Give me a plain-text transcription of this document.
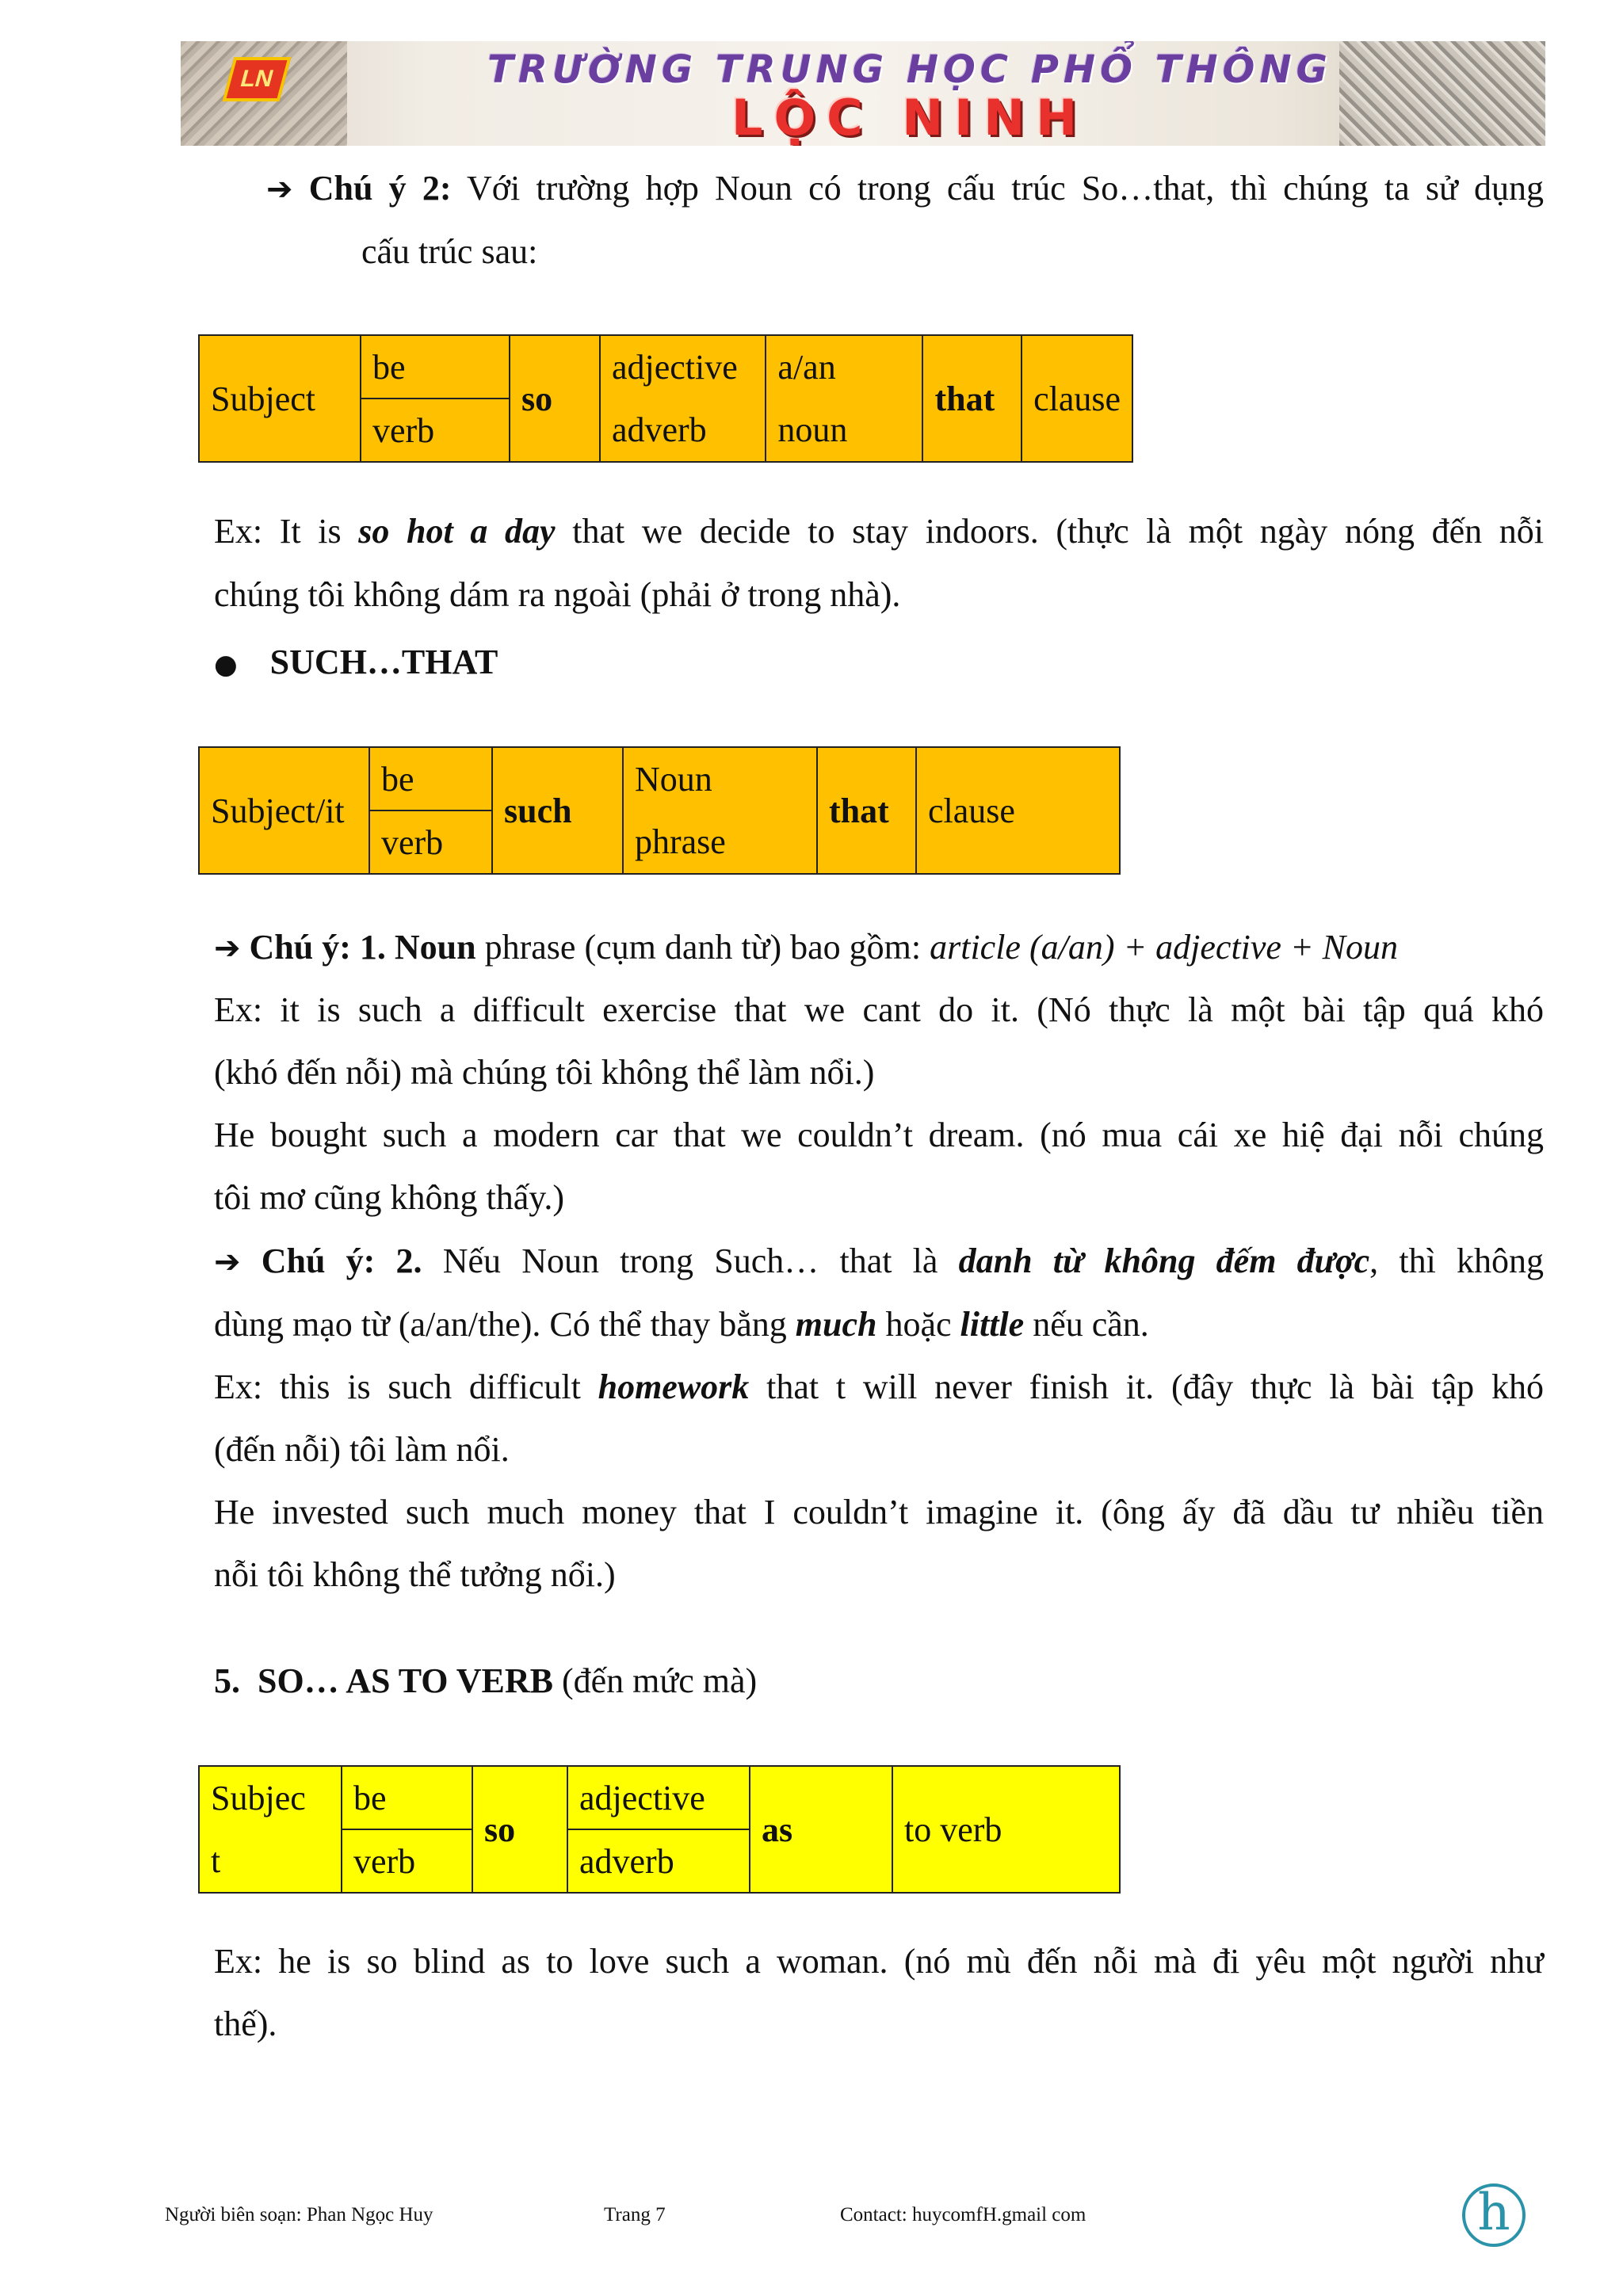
LN	TRƯỜNG TRUNG HỌC PHỔ THÔNG
LỘC NINH
➔ Chú ý 2: Với trường hợp Noun có trong cấu trúc So…that, thì chúng ta sử dụng
cấu trúc sau:
Subject	be	so	adjective	a/an	that	clause
	verb		adverb	noun		
Ex: It is so hot a day that we decide to stay indoors. (thực là một ngày nóng đến nỗi
chúng tôi không dám ra ngoài (phải ở trong nhà).
● SUCH…THAT
Subject/it	be	such	Noun	that	clause
	verb		phrase		
➔ Chú ý: 1. Noun phrase (cụm danh từ) bao gồm: article (a/an) + adjective + Noun
Ex: it is such a difficult exercise that we cant do it. (Nó thực là một bài tập quá khó
(khó đến nỗi) mà chúng tôi không thể làm nổi.)
He bought such a modern car that we couldn’t dream. (nó mua cái xe hiệ đại nỗi chúng
tôi mơ cũng không thấy.)
➔ Chú ý: 2. Nếu Noun trong Such… that là danh từ không đếm được, thì không
dùng mạo từ (a/an/the). Có thể thay bằng much hoặc little nếu cần.
Ex: this is such difficult homework that t will never finish it. (đây thực là bài tập khó
(đến nỗi) tôi làm nổi.
He invested such much money that I couldn’t imagine it. (ông ấy đã dầu tư nhiều tiền
nỗi tôi không thể tưởng nổi.)
5.  SO… AS TO VERB (đến mức mà)
Subjec	be	so	adjective	as	to verb
t	verb		adverb		
Ex: he is so blind as to love such a woman. (nó mù đến nỗi mà đi yêu một người như
thế).
Người biên soạn: Phan Ngọc Huy	Trang 7	Contact: huycomfH.gmail com	h
